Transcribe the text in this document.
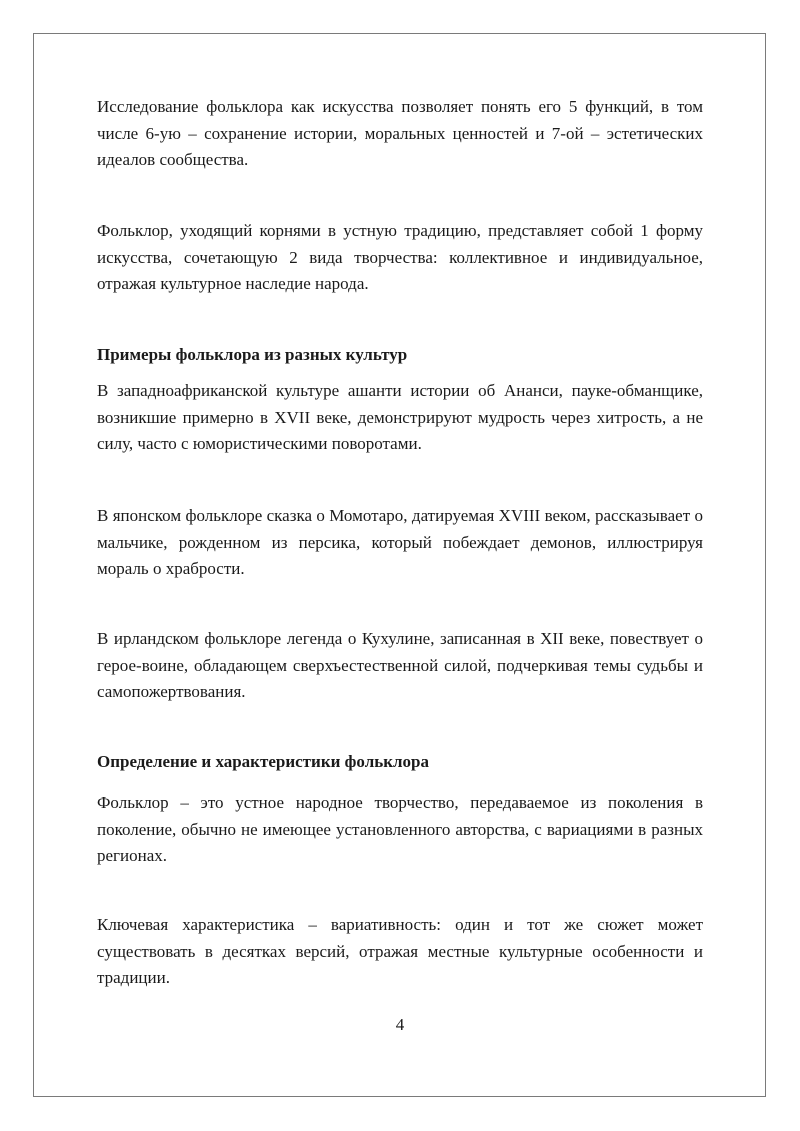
Исследование фольклора как искусства позволяет понять его 5 функций, в том числе 6-ую – сохранение истории, моральных ценностей и 7-ой – эстетических идеалов сообщества.

Фольклор, уходящий корнями в устную традицию, представляет собой 1 форму искусства, сочетающую 2 вида творчества: коллективное и индивидуальное, отражая культурное наследие народа.

Примеры фольклора из разных культур

В западноафриканской культуре ашанти истории об Ананси, пауке-обманщике, возникшие примерно в XVII веке, демонстрируют мудрость через хитрость, а не силу, часто с юмористическими поворотами.

В японском фольклоре сказка о Момотаро, датируемая XVIII веком, рассказывает о мальчике, рожденном из персика, который побеждает демонов, иллюстрируя мораль о храбрости.

В ирландском фольклоре легенда о Кухулине, записанная в XII веке, повествует о герое-воине, обладающем сверхъестественной силой, подчеркивая темы судьбы и самопожертвования.

Определение и характеристики фольклора

Фольклор – это устное народное творчество, передаваемое из поколения в поколение, обычно не имеющее установленного авторства, с вариациями в разных регионах.

Ключевая характеристика – вариативность: один и тот же сюжет может существовать в десятках версий, отражая местные культурные особенности и традиции.

4
